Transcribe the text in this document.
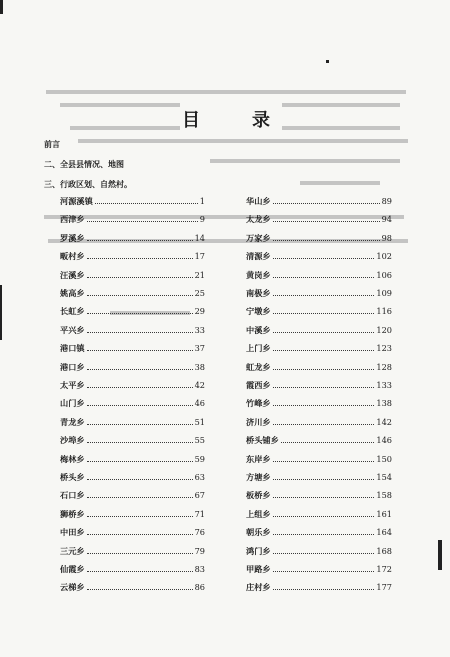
目	录
前言
二、全县县情况、地图
三、行政区划、自然村。
河源溪镇	1
西津乡	9
罗溪乡	14
畈村乡	17
汪溪乡	21
姚高乡	25
长虹乡	29
平兴乡	33
港口镇	37
港口乡	38
太平乡	42
山门乡	46
青龙乡	51
沙埠乡	55
梅林乡	59
桥头乡	63
石口乡	67
狮桥乡	71
中田乡	76
三元乡	79
仙霞乡	83
云梯乡	86
华山乡	89
太龙乡	94
万家乡	98
清源乡	102
黄岗乡	106
南极乡	109
宁墩乡	116
中溪乡	120
上门乡	123
虹龙乡	128
霞西乡	133
竹峰乡	138
济川乡	142
桥头铺乡	146
东岸乡	150
方塘乡	154
板桥乡	158
上组乡	161
朝乐乡	164
鸿门乡	168
甲路乡	172
庄村乡	177
